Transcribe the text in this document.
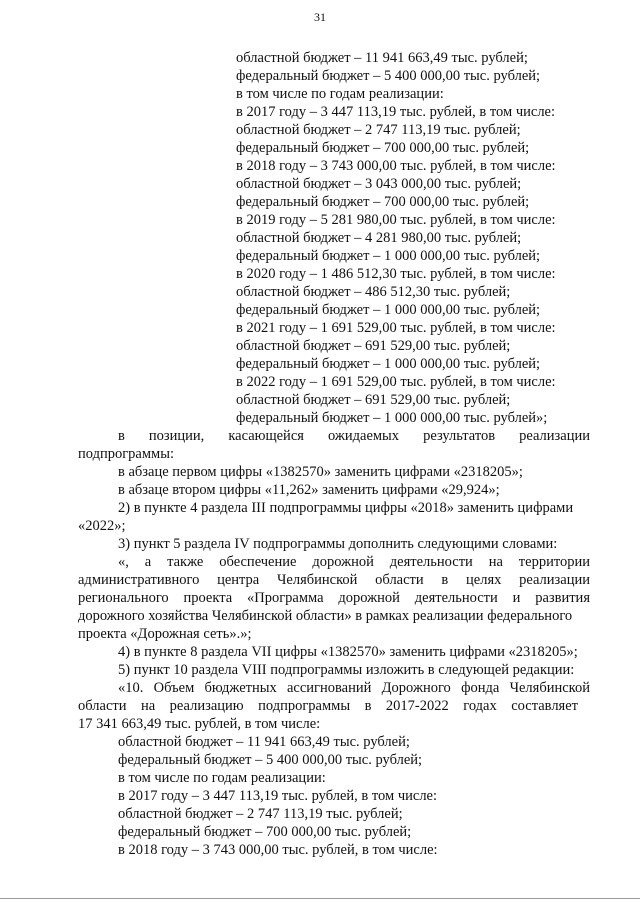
31
областной бюджет – 11 941 663,49 тыс. рублей;
федеральный бюджет – 5 400 000,00 тыс. рублей;
в том числе по годам реализации:
в 2017 году – 3 447 113,19 тыс. рублей, в том числе:
областной бюджет – 2 747 113,19 тыс. рублей;
федеральный бюджет – 700 000,00 тыс. рублей;
в 2018 году – 3 743 000,00 тыс. рублей, в том числе:
областной бюджет – 3 043 000,00 тыс. рублей;
федеральный бюджет – 700 000,00 тыс. рублей;
в 2019 году – 5 281 980,00 тыс. рублей, в том числе:
областной бюджет – 4 281 980,00 тыс. рублей;
федеральный бюджет – 1 000 000,00 тыс. рублей;
в 2020 году – 1 486 512,30 тыс. рублей, в том числе:
областной бюджет – 486 512,30 тыс. рублей;
федеральный бюджет – 1 000 000,00 тыс. рублей;
в 2021 году – 1 691 529,00 тыс. рублей, в том числе:
областной бюджет – 691 529,00 тыс. рублей;
федеральный бюджет – 1 000 000,00 тыс. рублей;
в 2022 году – 1 691 529,00 тыс. рублей, в том числе:
областной бюджет – 691 529,00 тыс. рублей;
федеральный бюджет – 1 000 000,00 тыс. рублей»;
в позиции, касающейся ожидаемых результатов реализации
подпрограммы:
в абзаце первом цифры «1382570» заменить цифрами «2318205»;
в абзаце втором цифры «11,262» заменить цифрами «29,924»;
2) в пункте 4 раздела III подпрограммы цифры «2018» заменить цифрами
«2022»;
3) пункт 5 раздела IV подпрограммы дополнить следующими словами:
«, а также обеспечение дорожной деятельности на территории
административного центра Челябинской области в целях реализации
регионального проекта «Программа дорожной деятельности и развития
дорожного хозяйства Челябинской области» в рамках реализации федерального
проекта «Дорожная сеть».»;
4) в пункте 8 раздела VII цифры «1382570» заменить цифрами «2318205»;
5) пункт 10 раздела VIII подпрограммы изложить в следующей редакции:
«10. Объем бюджетных ассигнований Дорожного фонда Челябинской
области на реализацию подпрограммы в 2017-2022 годах составляет
17 341 663,49 тыс. рублей, в том числе:
областной бюджет – 11 941 663,49 тыс. рублей;
федеральный бюджет – 5 400 000,00 тыс. рублей;
в том числе по годам реализации:
в 2017 году – 3 447 113,19 тыс. рублей, в том числе:
областной бюджет – 2 747 113,19 тыс. рублей;
федеральный бюджет – 700 000,00 тыс. рублей;
в 2018 году – 3 743 000,00 тыс. рублей, в том числе:
